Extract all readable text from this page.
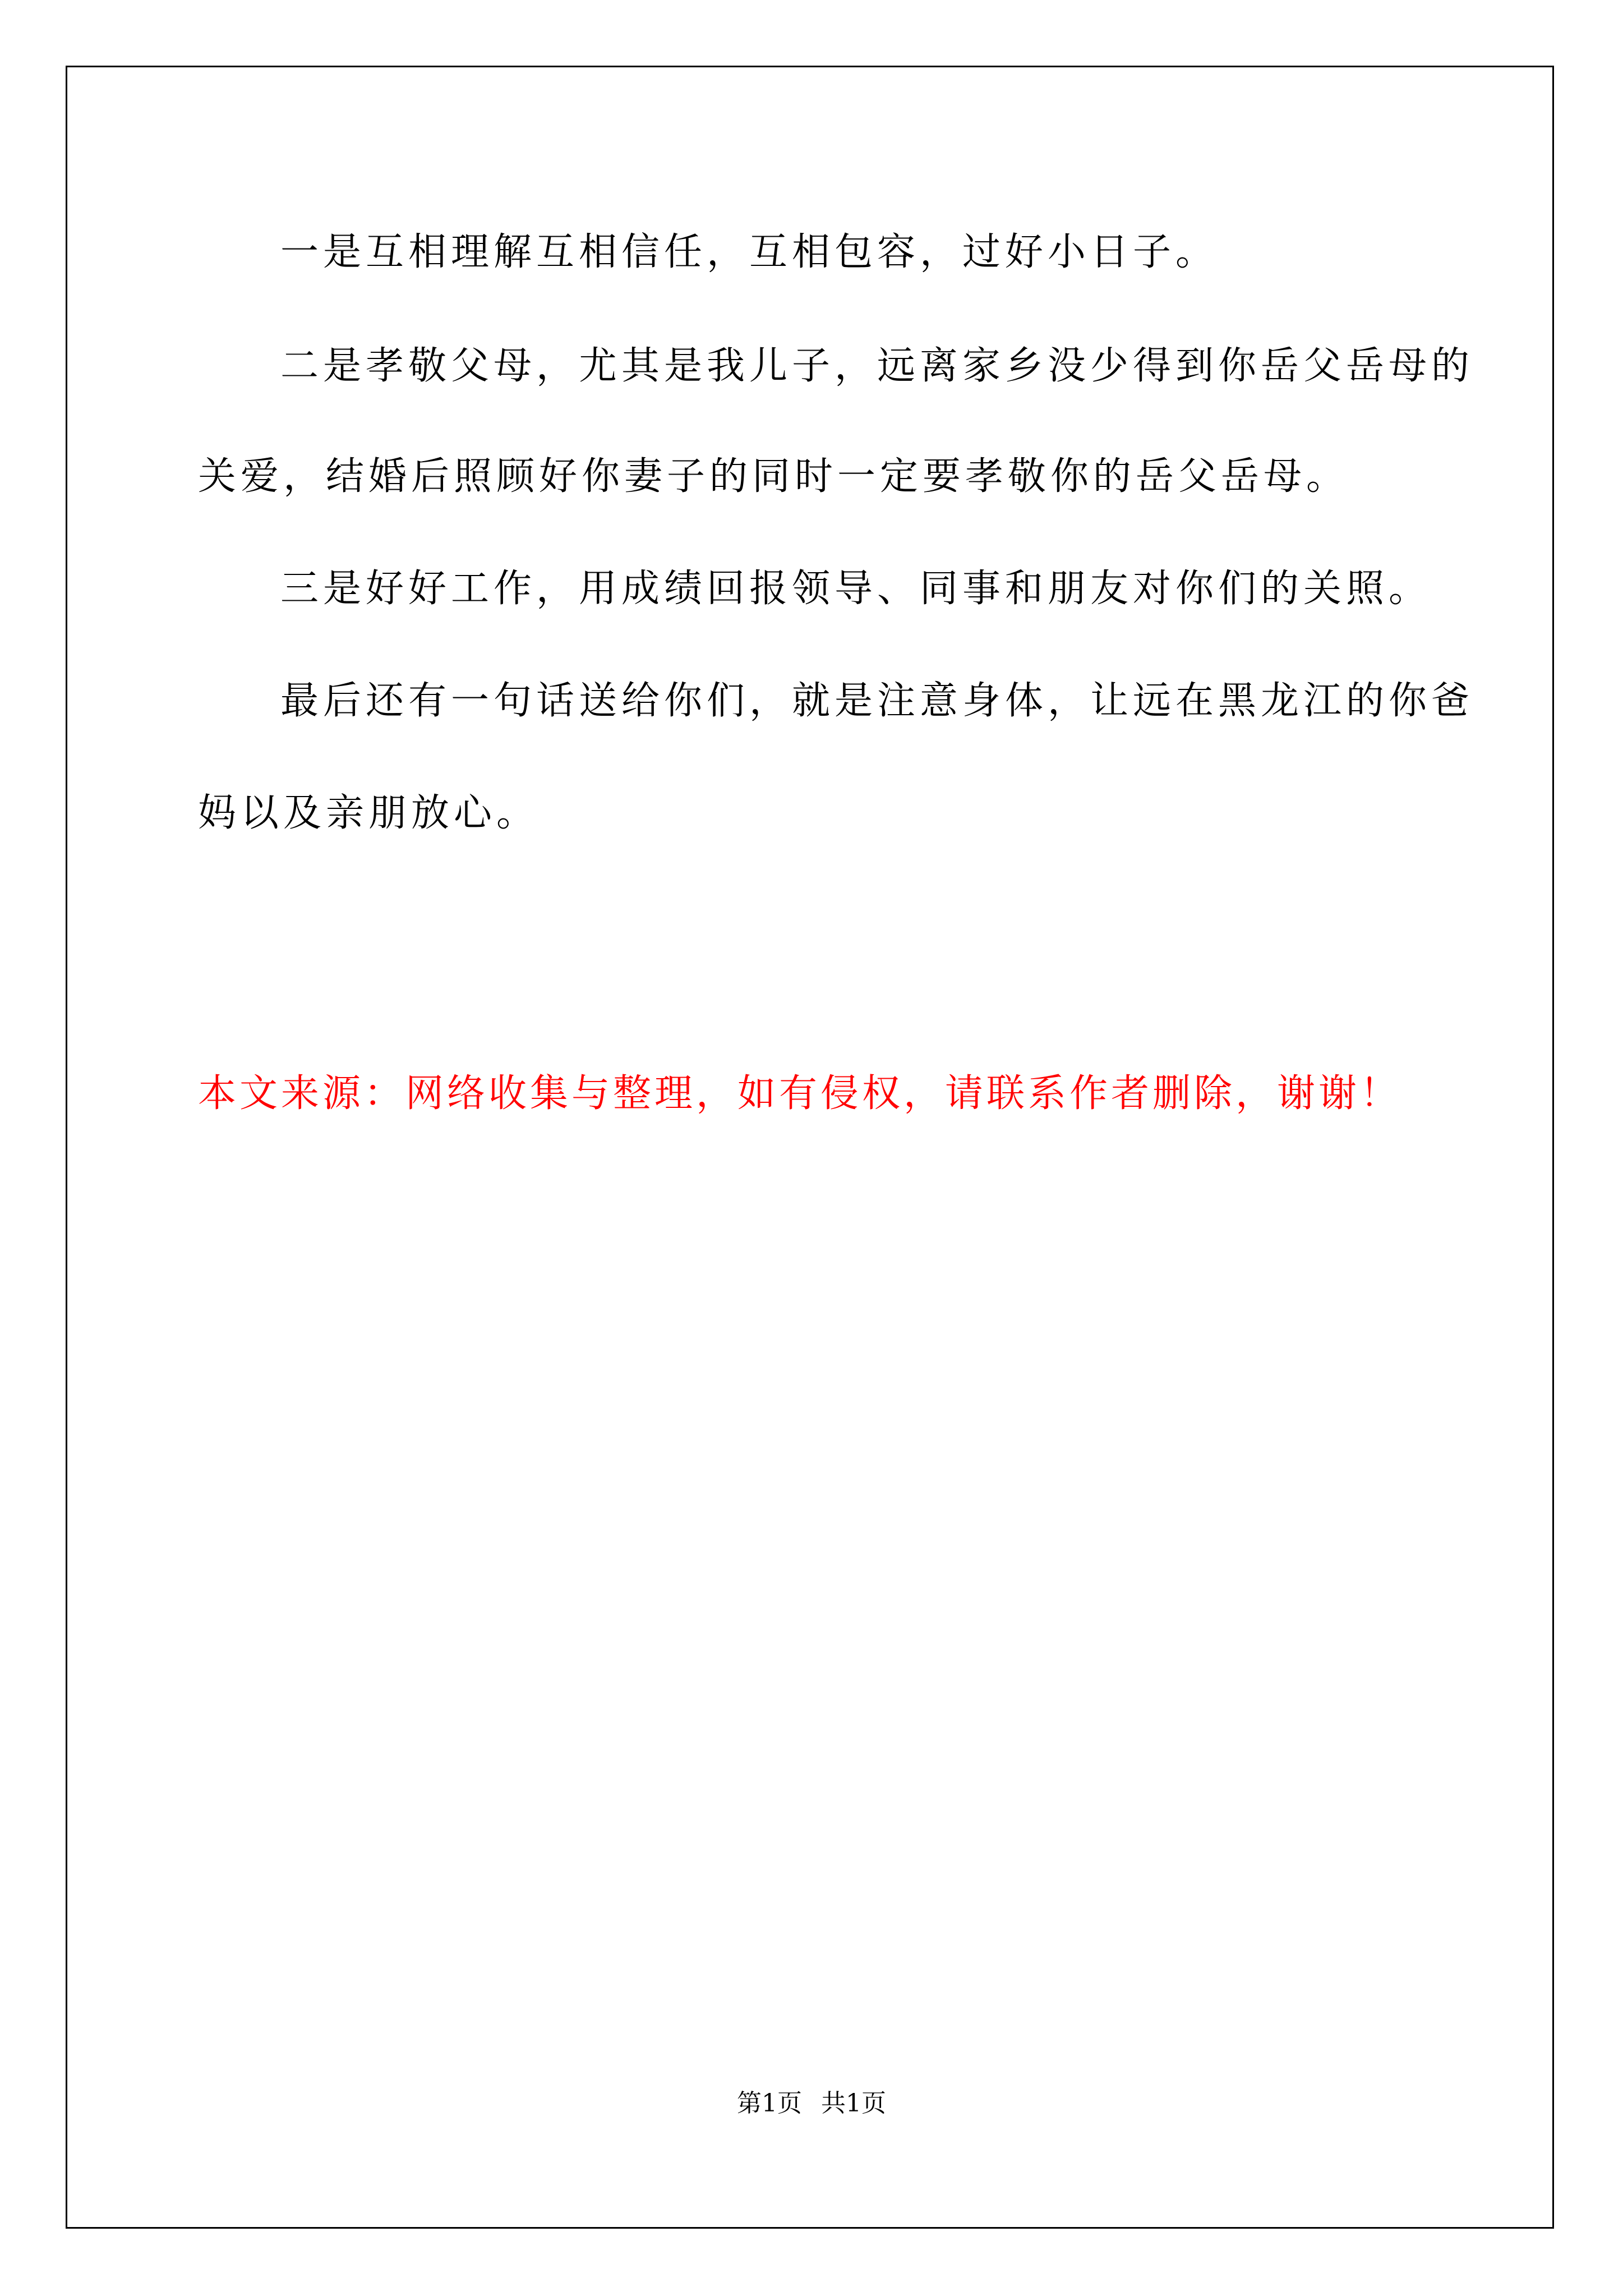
一是互相理解互相信任，互相包容，过好小日子。

二是孝敬父母，尤其是我儿子，远离家乡没少得到你岳父岳母的

关爱，结婚后照顾好你妻子的同时一定要孝敬你的岳父岳母。

三是好好工作，用成绩回报领导、同事和朋友对你们的关照。

最后还有一句话送给你们，就是注意身体，让远在黑龙江的你爸

妈以及亲朋放心。

本文来源：网络收集与整理，如有侵权，请联系作者删除，谢谢！

第1页 共1页
